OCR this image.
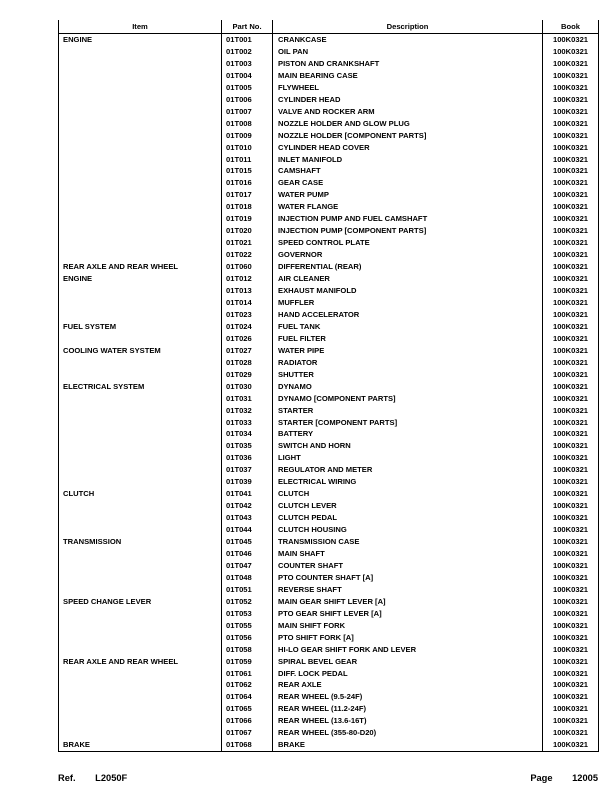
Item	Part No.	Description	Book
ENGINE	01T001	CRANKCASE	100K0321
	01T002	OIL PAN	100K0321
	01T003	PISTON AND CRANKSHAFT	100K0321
	01T004	MAIN BEARING CASE	100K0321
	01T005	FLYWHEEL	100K0321
	01T006	CYLINDER HEAD	100K0321
	01T007	VALVE AND ROCKER ARM	100K0321
	01T008	NOZZLE HOLDER AND GLOW PLUG	100K0321
	01T009	NOZZLE HOLDER [COMPONENT PARTS]	100K0321
	01T010	CYLINDER HEAD COVER	100K0321
	01T011	INLET MANIFOLD	100K0321
	01T015	CAMSHAFT	100K0321
	01T016	GEAR CASE	100K0321
	01T017	WATER PUMP	100K0321
	01T018	WATER FLANGE	100K0321
	01T019	INJECTION PUMP AND FUEL CAMSHAFT	100K0321
	01T020	INJECTION PUMP [COMPONENT PARTS]	100K0321
	01T021	SPEED CONTROL PLATE	100K0321
	01T022	GOVERNOR	100K0321
REAR AXLE AND REAR WHEEL	01T060	DIFFERENTIAL (REAR)	100K0321
ENGINE	01T012	AIR CLEANER	100K0321
	01T013	EXHAUST MANIFOLD	100K0321
	01T014	MUFFLER	100K0321
	01T023	HAND ACCELERATOR	100K0321
FUEL SYSTEM	01T024	FUEL TANK	100K0321
	01T026	FUEL FILTER	100K0321
COOLING WATER SYSTEM	01T027	WATER PIPE	100K0321
	01T028	RADIATOR	100K0321
	01T029	SHUTTER	100K0321
ELECTRICAL SYSTEM	01T030	DYNAMO	100K0321
	01T031	DYNAMO [COMPONENT PARTS]	100K0321
	01T032	STARTER	100K0321
	01T033	STARTER [COMPONENT PARTS]	100K0321
	01T034	BATTERY	100K0321
	01T035	SWITCH AND HORN	100K0321
	01T036	LIGHT	100K0321
	01T037	REGULATOR AND METER	100K0321
	01T039	ELECTRICAL WIRING	100K0321
CLUTCH	01T041	CLUTCH	100K0321
	01T042	CLUTCH LEVER	100K0321
	01T043	CLUTCH PEDAL	100K0321
	01T044	CLUTCH HOUSING	100K0321
TRANSMISSION	01T045	TRANSMISSION CASE	100K0321
	01T046	MAIN SHAFT	100K0321
	01T047	COUNTER SHAFT	100K0321
	01T048	PTO COUNTER SHAFT [A]	100K0321
	01T051	REVERSE SHAFT	100K0321
SPEED CHANGE LEVER	01T052	MAIN GEAR SHIFT LEVER [A]	100K0321
	01T053	PTO GEAR SHIFT LEVER [A]	100K0321
	01T055	MAIN SHIFT FORK	100K0321
	01T056	PTO SHIFT FORK [A]	100K0321
	01T058	HI-LO GEAR SHIFT FORK AND LEVER	100K0321
REAR AXLE AND REAR WHEEL	01T059	SPIRAL BEVEL GEAR	100K0321
	01T061	DIFF. LOCK PEDAL	100K0321
	01T062	REAR AXLE	100K0321
	01T064	REAR WHEEL (9.5-24F)	100K0321
	01T065	REAR WHEEL (11.2-24F)	100K0321
	01T066	REAR WHEEL (13.6-16T)	100K0321
	01T067	REAR WHEEL (355-80-D20)	100K0321
BRAKE	01T068	BRAKE	100K0321
Ref. L2050F	Page 12005
